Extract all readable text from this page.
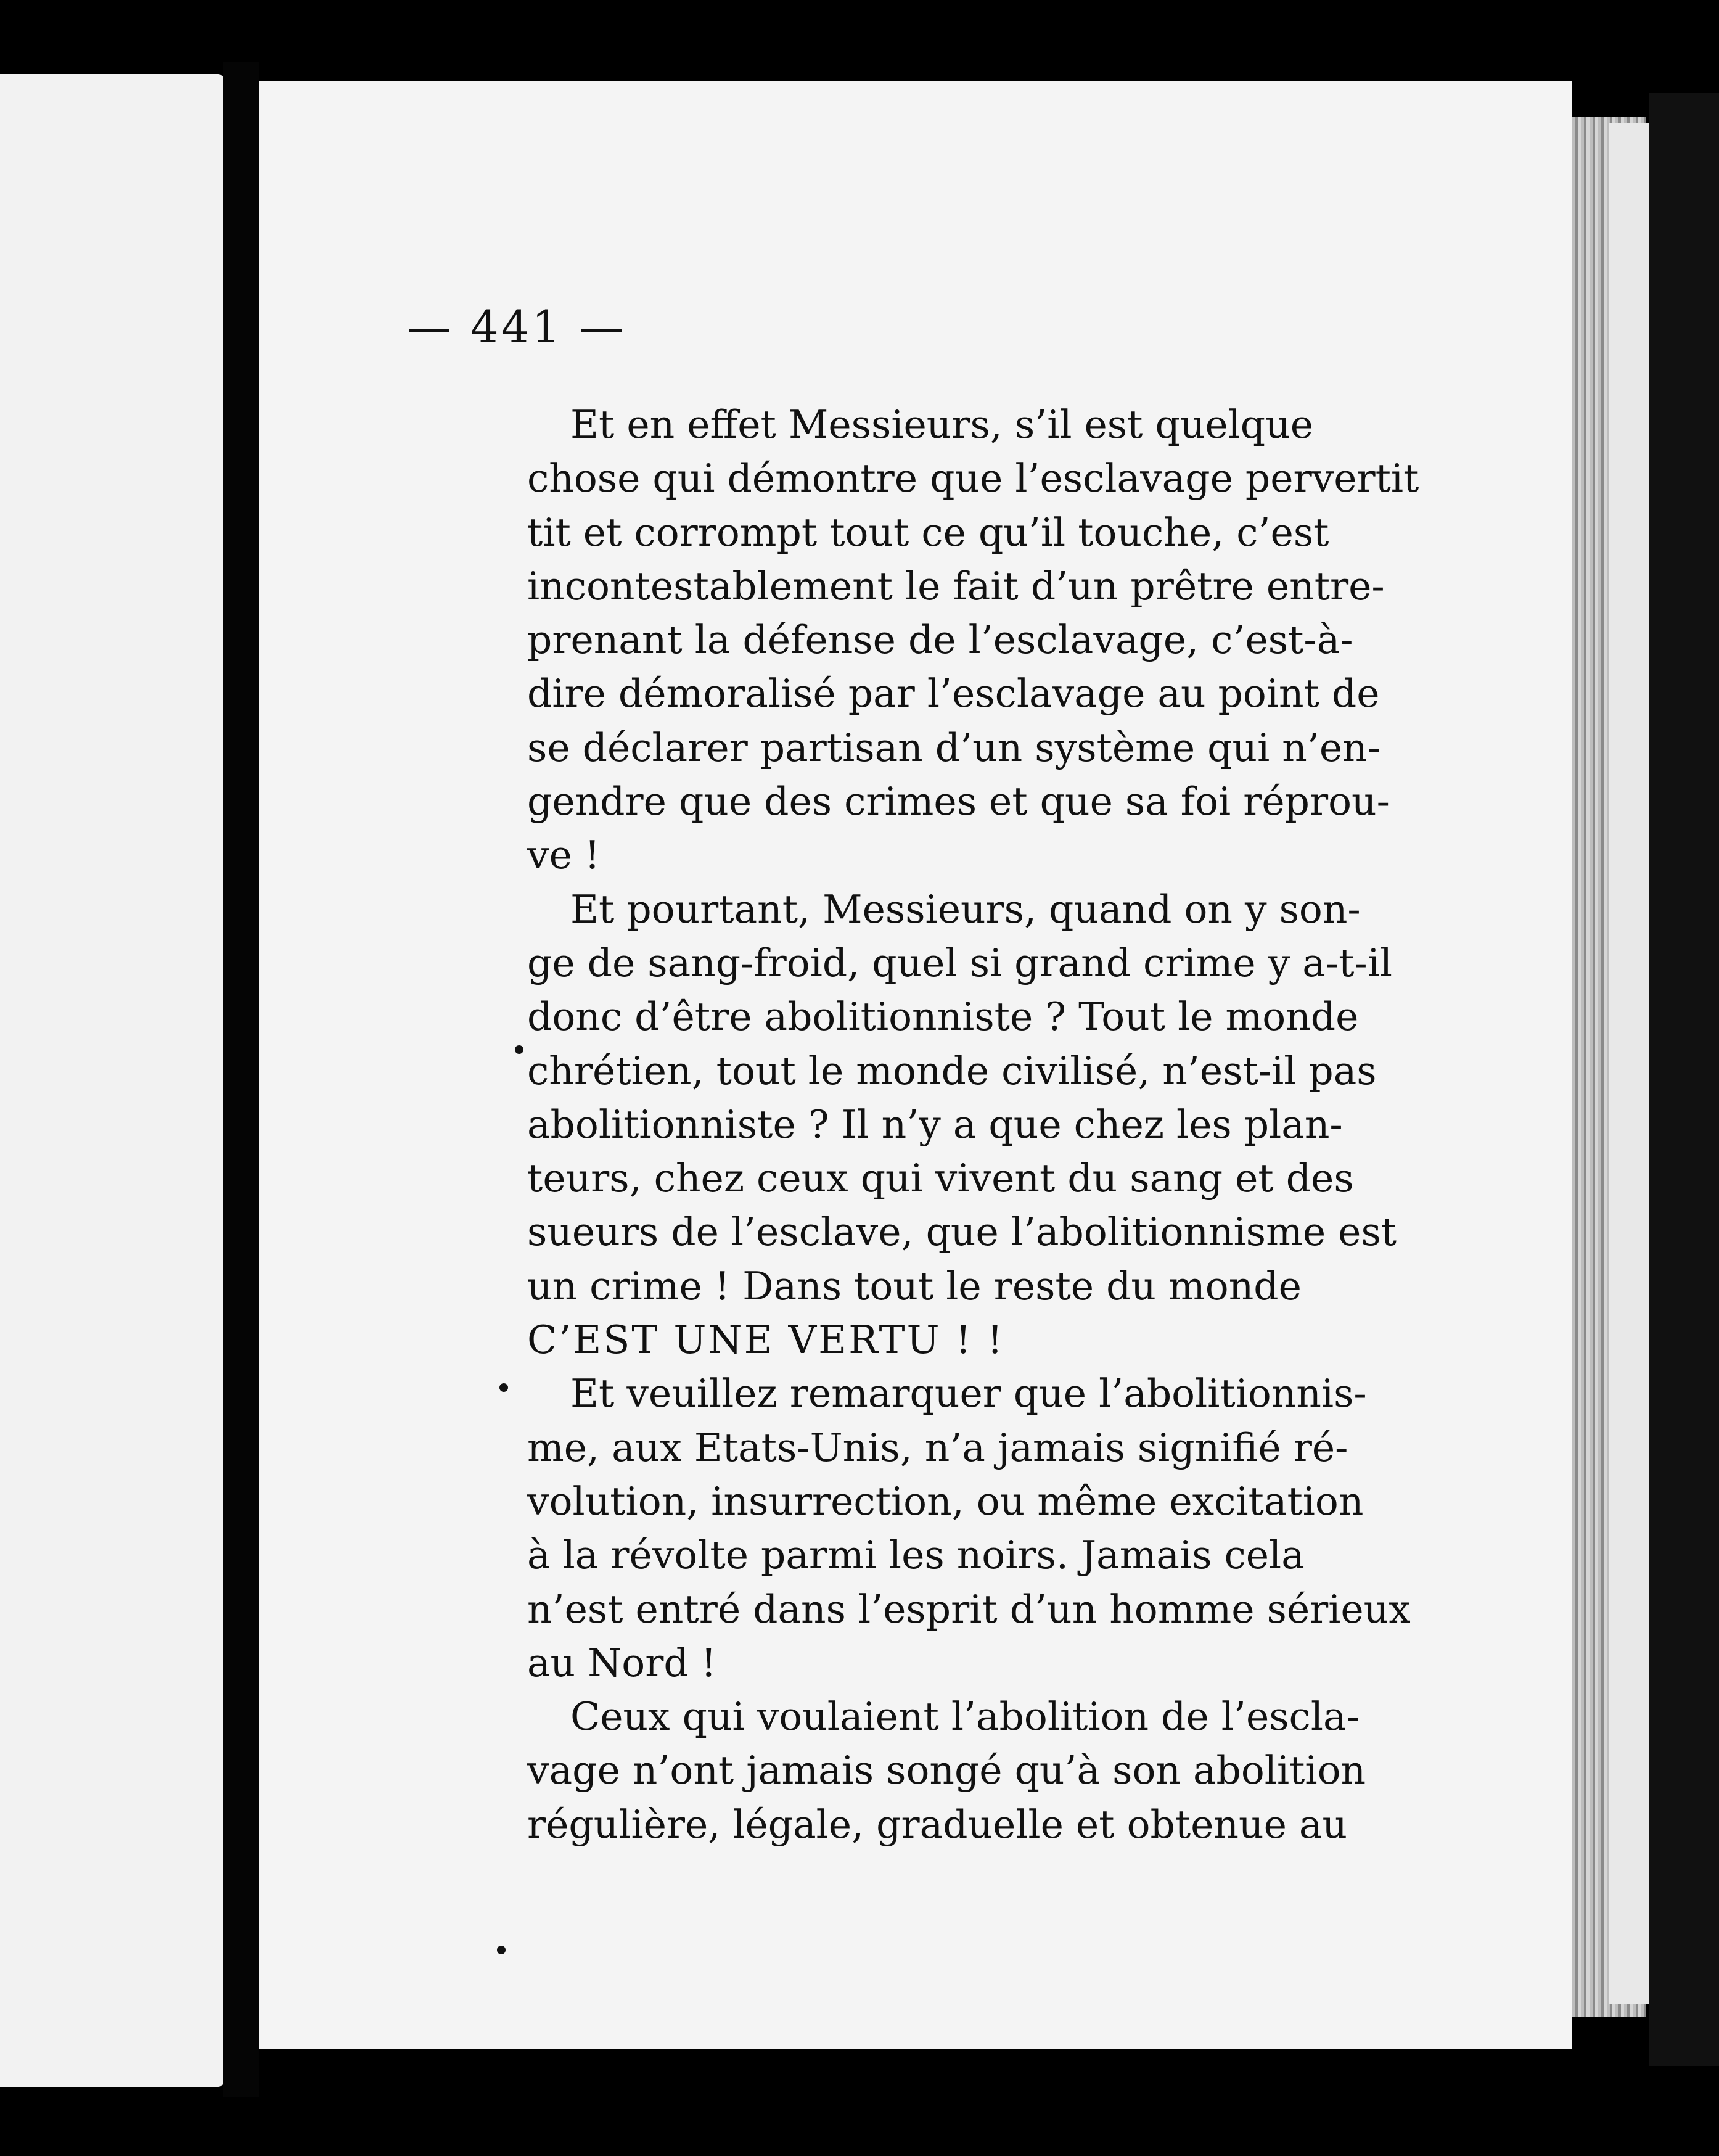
— 441 —
Et en effet Messieurs, s’il est quelque
chose qui démontre que l’esclavage pervertit
tit et corrompt tout ce qu’il touche, c’est
incontestablement le fait d’un prêtre entre-
prenant la défense de l’esclavage, c’est-à-
dire démoralisé par l’esclavage au point de
se déclarer partisan d’un système qui n’en-
gendre que des crimes et que sa foi réprou-
ve !
Et pourtant, Messieurs, quand on y son-
ge de sang-froid, quel si grand crime y a-t-il
donc d’être abolitionniste ? Tout le monde
chrétien, tout le monde civilisé, n’est-il pas
abolitionniste ? Il n’y a que chez les plan-
teurs, chez ceux qui vivent du sang et des
sueurs de l’esclave, que l’abolitionnisme est
un crime ! Dans tout le reste du monde
C’EST UNE VERTU ! !
Et veuillez remarquer que l’abolitionnis-
me, aux Etats-Unis, n’a jamais signifié ré-
volution, insurrection, ou même excitation
à la révolte parmi les noirs. Jamais cela
n’est entré dans l’esprit d’un homme sérieux
au Nord !
Ceux qui voulaient l’abolition de l’escla-
vage n’ont jamais songé qu’à son abolition
régulière, légale, graduelle et obtenue au
